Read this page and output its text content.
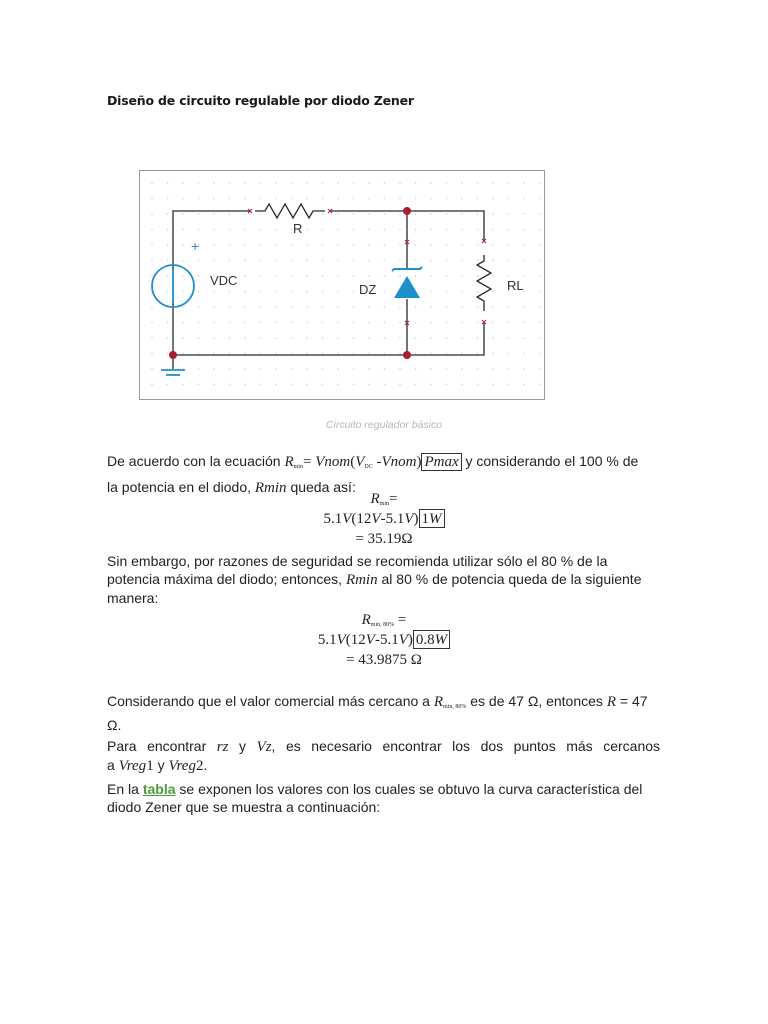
Diseño de circuito regulable por diodo Zener
+
VDC
R
DZ	RL
Circuito regulador básico
De acuerdo con la ecuación $R_{min}=$ $Vnom(V_{DC}$ -Vnom) Pmax y considerando el 100 % de
la potencia en el diodo, Rmin queda así:
$R_{min}=$
5.1V(12V-5.1V) 1W
= 35.19Ω
Sin embargo, por razones de seguridad se recomienda utilizar sólo el 80 % de la
potencia máxima del diodo; entonces, Rmin al 80 % de potencia queda de la siguiente
manera:
$R_{min, 80\%}$ =
5.1V(12V-5.1V) 0.8W
= 43.9875 Ω
Considerando que el valor comercial más cercano a $R_{min, 80\%}$ es de 47 Ω, entonces R = 47
Ω.
Para encontrar rz y Vz, es necesario encontrar los dos puntos más cercanos
a Vreg1 y Vreg2.
En la tabla se exponen los valores con los cuales se obtuvo la curva característica del
diodo Zener que se muestra a continuación:
